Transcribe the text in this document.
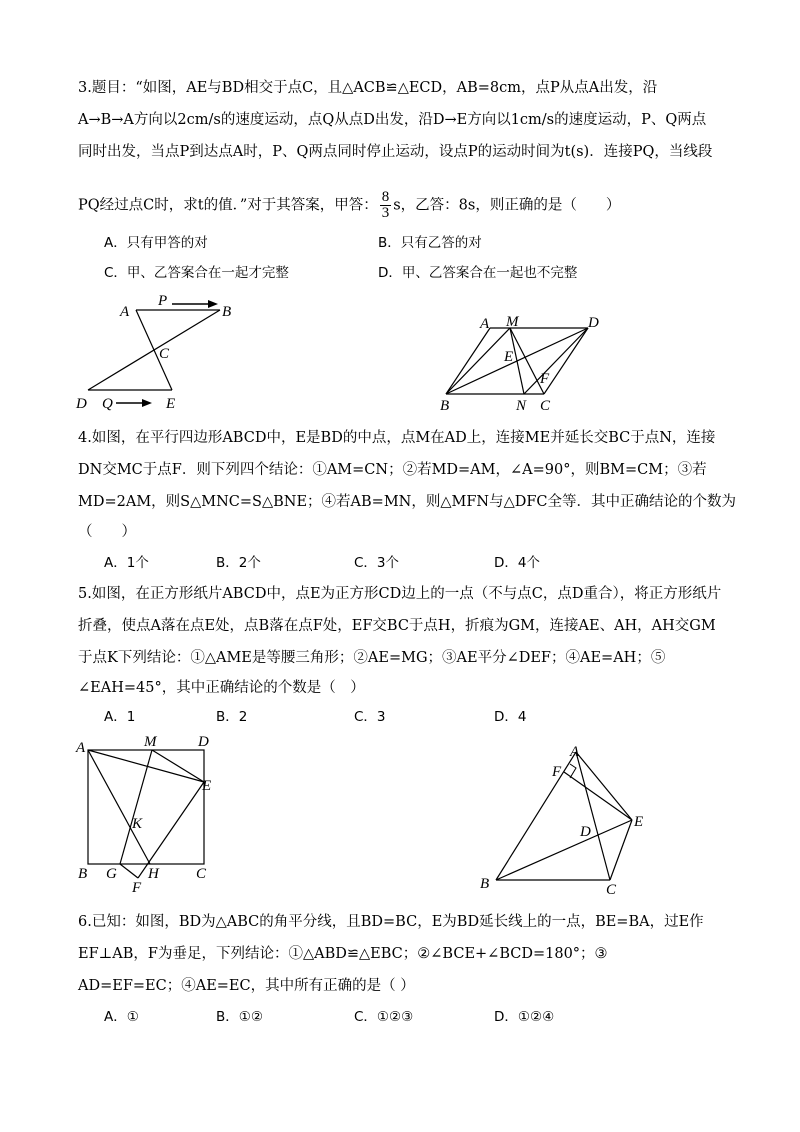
3.题目：“如图，AE与BD相交于点C，且△ACB≌△ECD，AB=8cm，点P从点A出发，沿
A→B→A方向以2cm/s的速度运动，点Q从点D出发，沿D→E方向以1cm/s的速度运动，P、Q两点
同时出发，当点P到达点A时，P、Q两点同时停止运动，设点P的运动时间为t(s)．连接PQ，当线段
PQ经过点C时，求t的值．”对于其答案，甲答： $\frac{8}{3}$ s，乙答：8s，则正确的是（　　）
A．只有甲答的对	B．只有乙答的对
C．甲、乙答案合在一起才完整	D．甲、乙答案合在一起也不完整
A
P
B
C
D Q	E
A M	D
E
F
B	N C
4.如图，在平行四边形ABCD中，E是BD的中点，点M在AD上，连接ME并延长交BC于点N，连接
DN交MC于点F．则下列四个结论：①AM=CN；②若MD=AM，∠A=90°，则BM=CM；③若
MD=2AM，则S△MNC=S△BNE；④若AB=MN，则△MFN与△DFC全等．其中正确结论的个数为
（　　）
A．1个	B．2个	C．3个	D．4个
5.如图，在正方形纸片ABCD中，点E为正方形CD边上的一点（不与点C，点D重合），将正方形纸片
折叠，使点A落在点E处，点B落在点F处，EF交BC于点H，折痕为GM，连接AE、AH，AH交GM
于点K下列结论：①△AME是等腰三角形；②AE=MG；③AE平分∠DEF；④AE=AH；⑤
∠EAH=45°，其中正确结论的个数是（　）
A．1	B．2	C．3	D．4
A	M	D
E
K
B G H C
F
A
F
E
D
B	C
6.已知：如图，BD为△ABC的角平分线，且BD=BC，E为BD延长线上的一点，BE=BA，过E作
EF⊥AB，F为垂足，下列结论：①△ABD≌△EBC；②∠BCE+∠BCD=180°；③
AD=EF=EC；④AE=EC，其中所有正确的是（ ）
A．①	B．①②	C．①②③	D．①②④
